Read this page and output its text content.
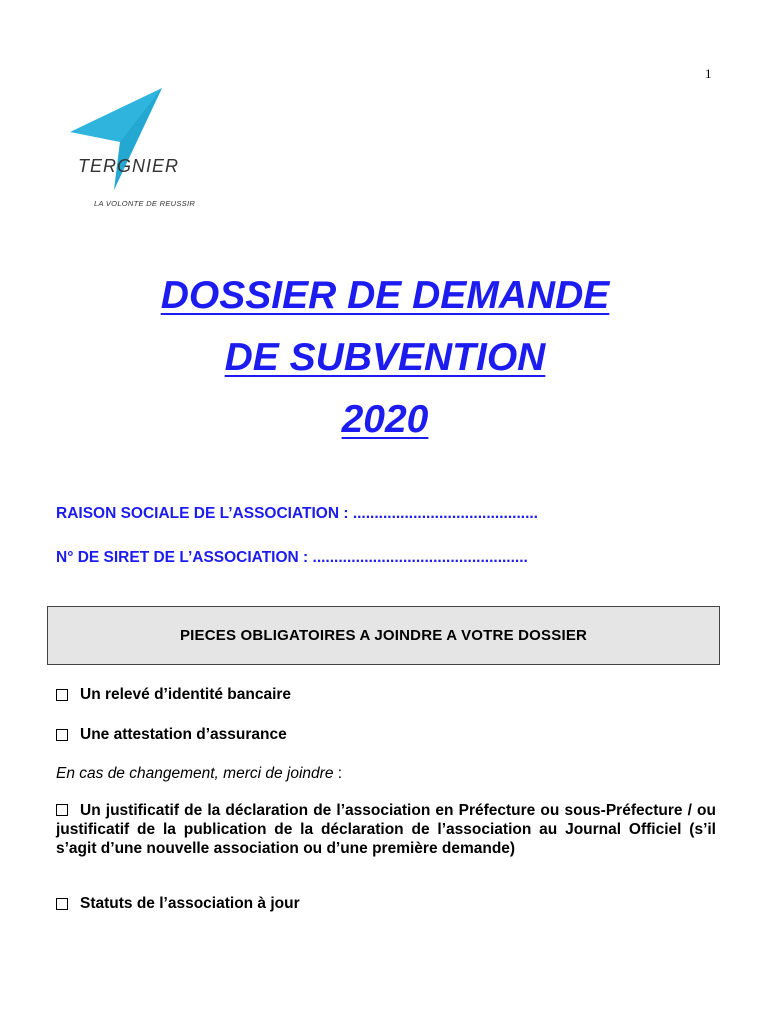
1
TERGNIER
LA VOLONTE DE REUSSIR
DOSSIER DE DEMANDE
DE SUBVENTION
2020
RAISON SOCIALE DE L’ASSOCIATION : ...........................................
N° DE SIRET DE L’ASSOCIATION : ..................................................
PIECES OBLIGATOIRES A JOINDRE A VOTRE DOSSIER
Un relevé d’identité bancaire
Une attestation d’assurance
En cas de changement, merci de joindre :
Un justificatif de la déclaration de l’association en Préfecture ou sous-Préfecture / ou justificatif de la publication de la déclaration de l’association au Journal Officiel (s’il s’agit d’une nouvelle association ou d’une première demande)
Statuts de l’association à jour
